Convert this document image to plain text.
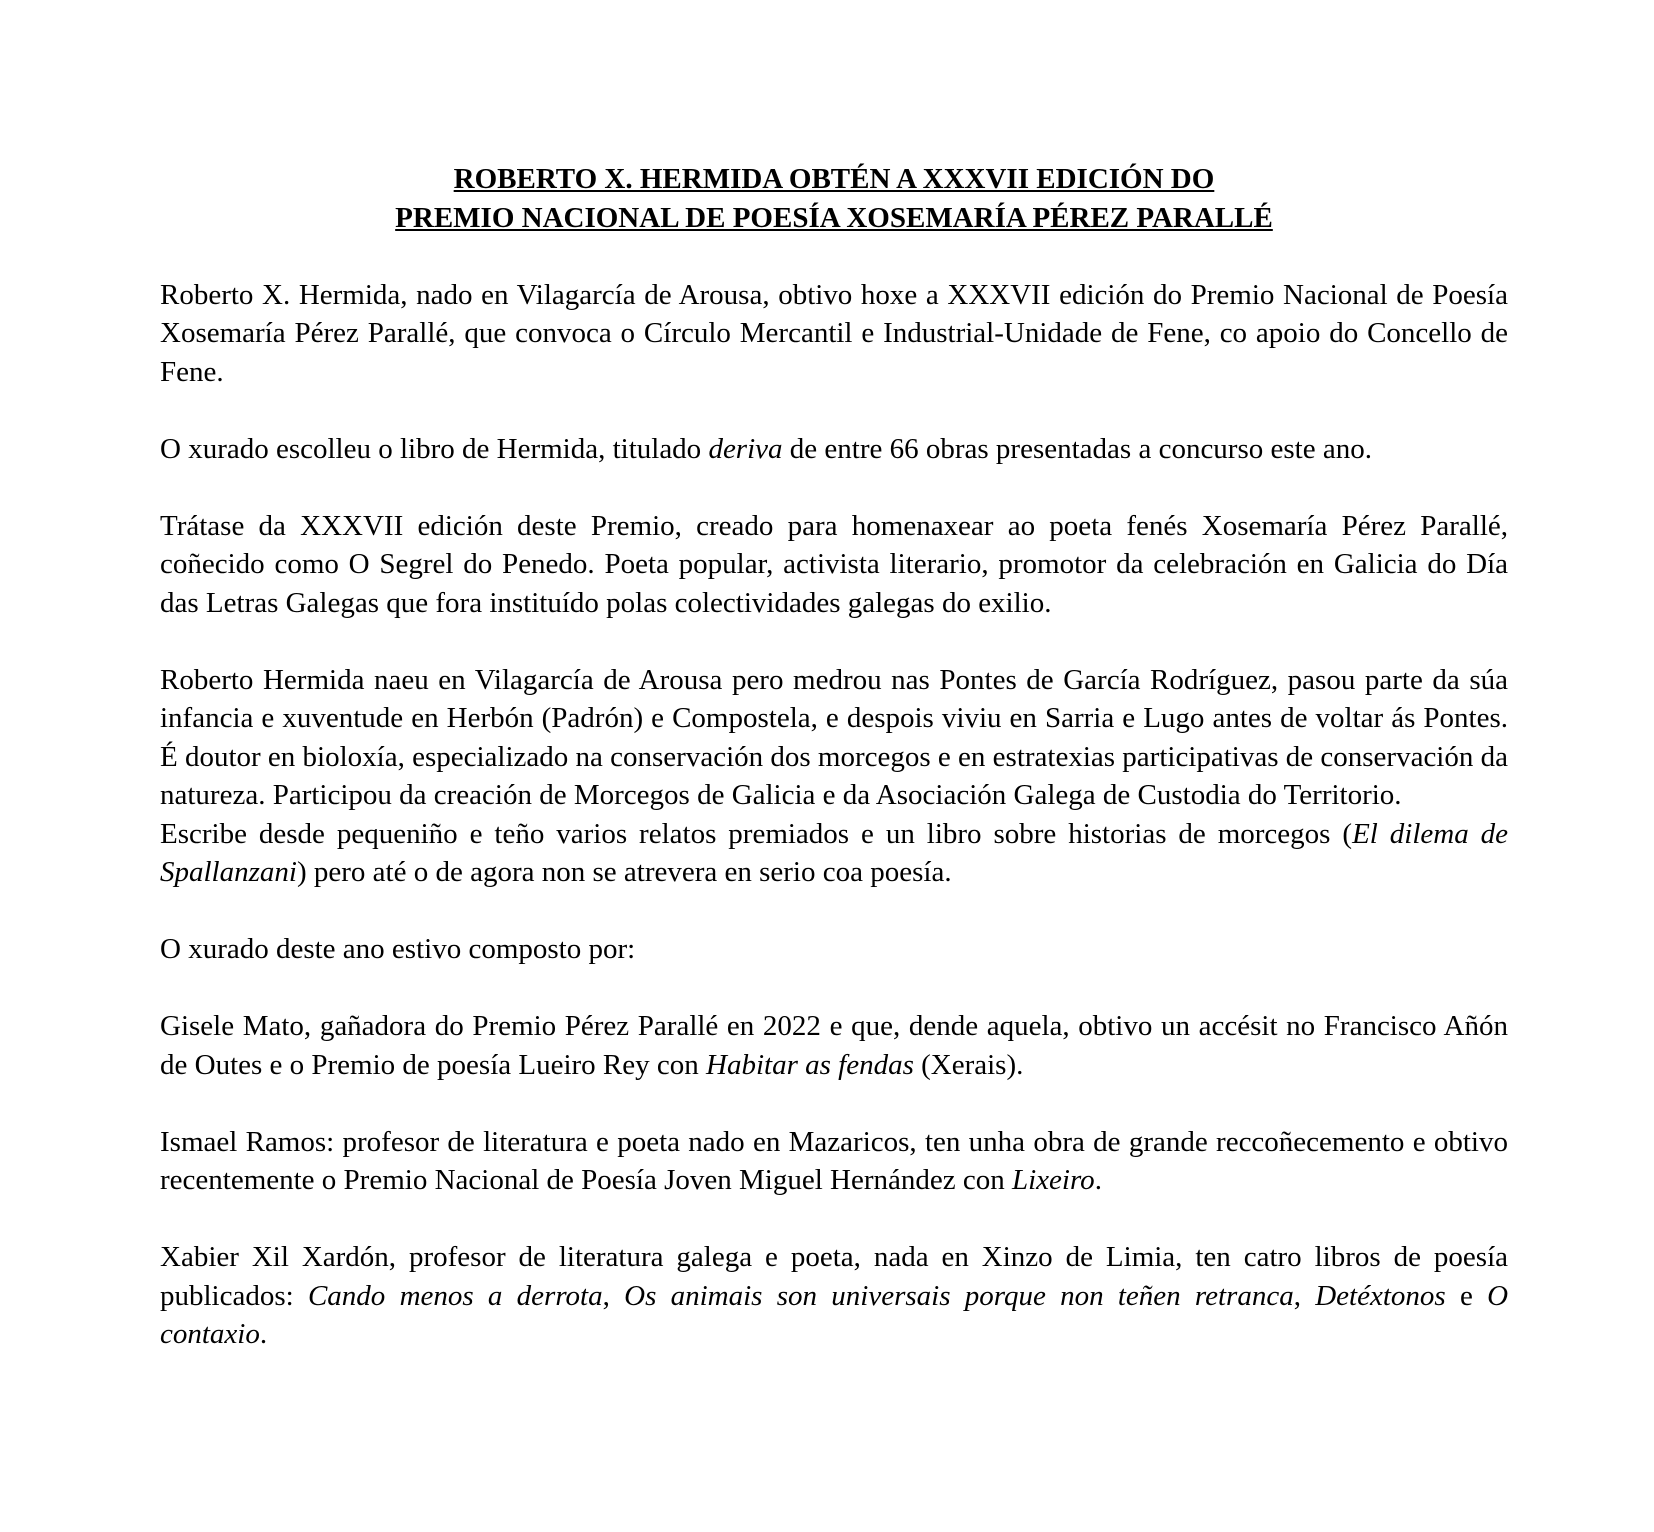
ROBERTO X. HERMIDA OBTÉN A XXXVII EDICIÓN DO
PREMIO NACIONAL DE POESÍA XOSEMARÍA PÉREZ PARALLÉ

Roberto X. Hermida, nado en Vilagarcía de Arousa, obtivo hoxe a XXXVII edición do Premio Nacional de Poesía Xosemaría Pérez Parallé, que convoca o Círculo Mercantil e Industrial-Unidade de Fene, co apoio do Concello de Fene.

O xurado escolleu o libro de Hermida, titulado deriva de entre 66 obras presentadas a concurso este ano.

Trátase da XXXVII edición deste Premio, creado para homenaxear ao poeta fenés Xosemaría Pérez Parallé, coñecido como O Segrel do Penedo. Poeta popular, activista literario, promotor da celebración en Galicia do Día das Letras Galegas que fora instituído polas colectividades galegas do exilio.

Roberto Hermida naeu en Vilagarcía de Arousa pero medrou nas Pontes de García Rodríguez, pasou parte da súa infancia e xuventude en Herbón (Padrón) e Compostela, e despois viviu en Sarria e Lugo antes de voltar ás Pontes. É doutor en bioloxía, especializado na conservación dos morcegos e en estratexias participativas de conservación da natureza. Participou da creación de Morcegos de Galicia e da Asociación Galega de Custodia do Territorio.

Escribe desde pequeniño e teño varios relatos premiados e un libro sobre historias de morcegos (El dilema de Spallanzani) pero até o de agora non se atrevera en serio coa poesía.

O xurado deste ano estivo composto por:

Gisele Mato, gañadora do Premio Pérez Parallé en 2022 e que, dende aquela, obtivo un accésit no Francisco Añón de Outes e o Premio de poesía Lueiro Rey con Habitar as fendas (Xerais).

Ismael Ramos: profesor de literatura e poeta nado en Mazaricos, ten unha obra de grande reccoñecemento e obtivo recentemente o Premio Nacional de Poesía Joven Miguel Hernández con Lixeiro.

Xabier Xil Xardón, profesor de literatura galega e poeta, nada en Xinzo de Limia, ten catro libros de poesía publicados: Cando menos a derrota, Os animais son universais porque non teñen retranca, Detéxtonos e O contaxio.
